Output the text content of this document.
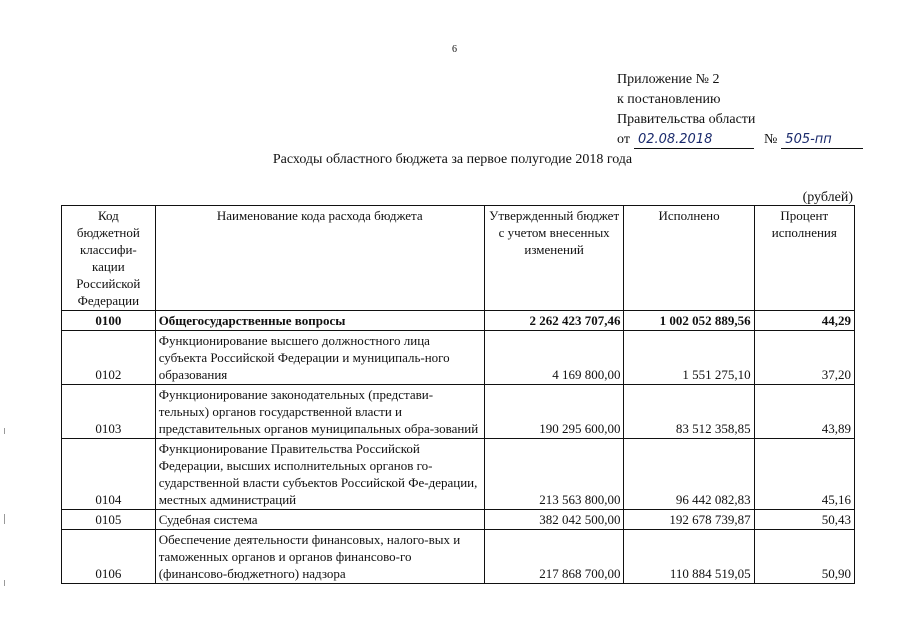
6
Приложение № 2
к постановлению
Правительства области
от 02.08.2018	№ 505-пп
Расходы областного бюджета за первое полугодие 2018 года
(рублей)
Код бюджетной классифи-кации Российской Федерации	Наименование кода расхода бюджета	Утвержденный бюджет с учетом внесенных изменений	Исполнено	Процент исполнения
0100	Общегосударственные вопросы	2 262 423 707,46	1 002 052 889,56	44,29
0102	Функционирование высшего должностного лица субъекта Российской Федерации и муниципаль-ного образования	4 169 800,00	1 551 275,10	37,20
0103	Функционирование законодательных (представи-тельных) органов государственной власти и представительных органов муниципальных обра-зований	190 295 600,00	83 512 358,85	43,89
0104	Функционирование Правительства Российской Федерации, высших исполнительных органов го-сударственной власти субъектов Российской Фе-дерации, местных администраций	213 563 800,00	96 442 082,83	45,16
0105	Судебная система	382 042 500,00	192 678 739,87	50,43
0106	Обеспечение деятельности финансовых, налого-вых и таможенных органов и органов финансово-го (финансово-бюджетного) надзора	217 868 700,00	110 884 519,05	50,90
